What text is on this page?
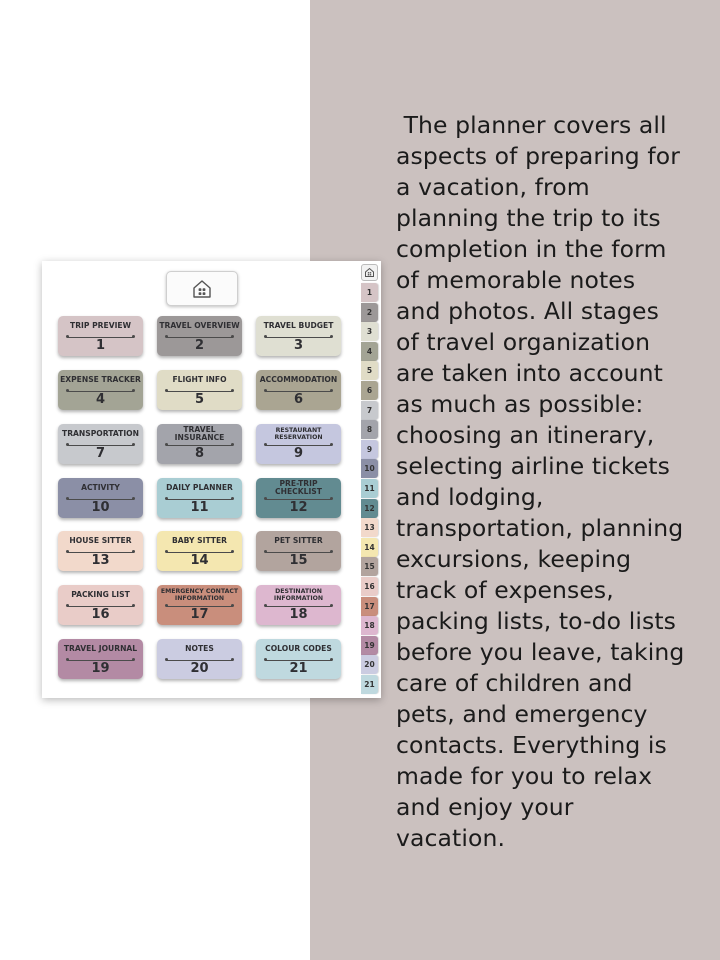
The planner covers all
aspects of preparing for
a vacation, from
planning the trip to its
completion in the form
of memorable notes
and photos. All stages
of travel organization
are taken into account
as much as possible:
choosing an itinerary,
selecting airline tickets
and lodging,
transportation, planning
excursions, keeping
track of expenses,
packing lists, to-do lists
before you leave, taking
care of children and
pets, and emergency
contacts. Everything is
made for you to relax
and enjoy your
vacation.

TRIP PREVIEW
1
TRAVEL OVERVIEW
2
TRAVEL BUDGET
3
EXPENSE TRACKER
4
FLIGHT INFO
5
ACCOMMODATION
6
TRANSPORTATION
7
TRAVEL INSURANCE
8
RESTAURANT RESERVATION
9
ACTIVITY
10
DAILY PLANNER
11
PRE-TRIP CHECKLIST
12
HOUSE SITTER
13
BABY SITTER
14
PET SITTER
15
PACKING LIST
16
EMERGENCY CONTACT INFORMATION
17
DESTINATION INFORMATION
18
TRAVEL JOURNAL
19
NOTES
20
COLOUR CODES
21
1
2
3
4
5
6
7
8
9
10
11
12
13
14
15
16
17
18
19
20
21
